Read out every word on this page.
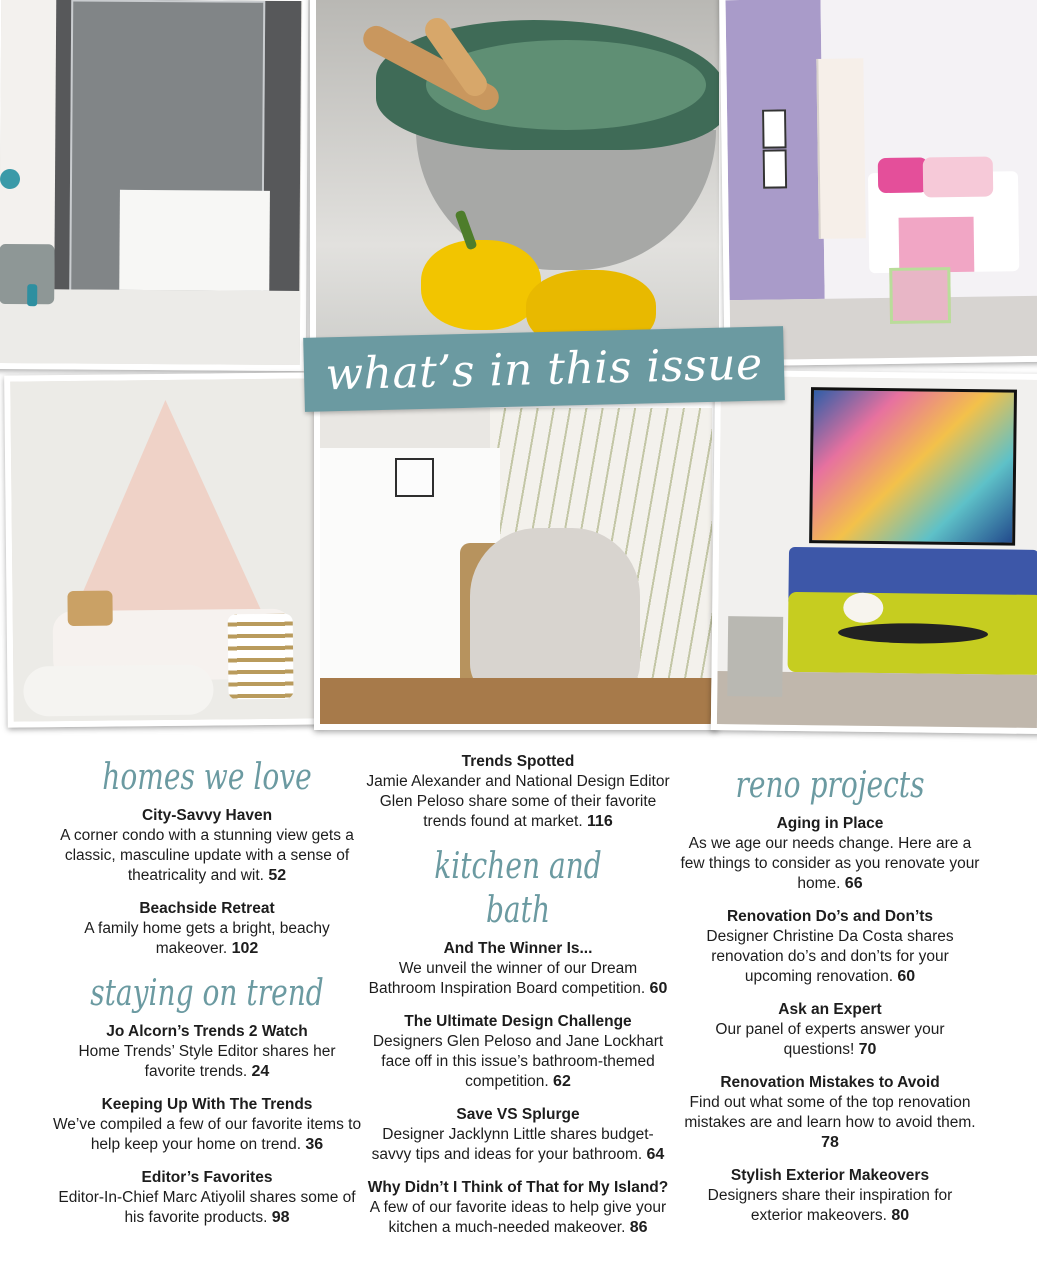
what’s in this issue
homes we love
City-Savvy Haven
A corner condo with a stunning view gets a classic, masculine update with a sense of theatricality and wit. 52
Beachside Retreat
A family home gets a bright, beachy makeover. 102
staying on trend
Jo Alcorn’s Trends 2 Watch
Home Trends’ Style Editor shares her favorite trends. 24
Keeping Up With The Trends
We’ve compiled a few of our favorite items to help keep your home on trend. 36
Editor’s Favorites
Editor-In-Chief Marc Atiyolil shares some of his favorite products. 98
Trends Spotted
Jamie Alexander and National Design Editor Glen Peloso share some of their favorite trends found at market. 116
kitchen and bath
And The Winner Is...
We unveil the winner of our Dream Bathroom Inspiration Board competition. 60
The Ultimate Design Challenge
Designers Glen Peloso and Jane Lockhart face off in this issue’s bathroom-themed competition. 62
Save VS Splurge
Designer Jacklynn Little shares budget-savvy tips and ideas for your bathroom. 64
Why Didn’t I Think of That for My Island?
A few of our favorite ideas to help give your kitchen a much-needed makeover. 86
reno projects
Aging in Place
As we age our needs change. Here are a few things to consider as you renovate your home. 66
Renovation Do’s and Don’ts
Designer Christine Da Costa shares renovation do’s and don’ts for your upcoming renovation. 60
Ask an Expert
Our panel of experts answer your questions! 70
Renovation Mistakes to Avoid
Find out what some of the top renovation mistakes are and learn how to avoid them. 78
Stylish Exterior Makeovers
Designers share their inspiration for exterior makeovers. 80
